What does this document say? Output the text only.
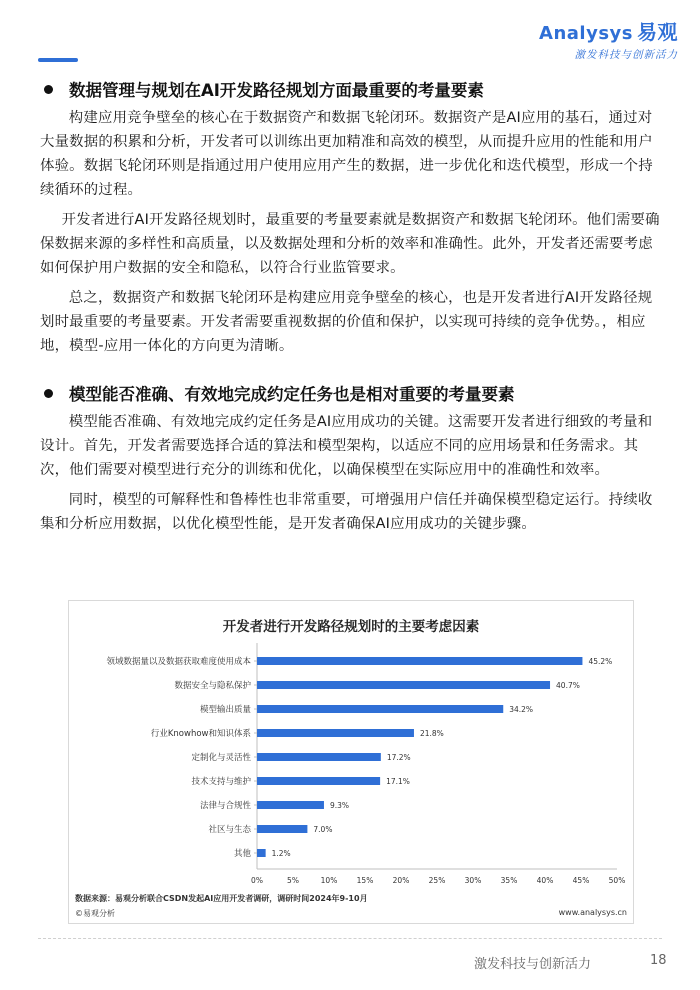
Analysys 易观
激发科技与创新活力
数据管理与规划在AI开发路径规划方面最重要的考量要素

构建应用竞争壁垒的核心在于数据资产和数据飞轮闭环。数据资产是AI应用的基石，通过对大量数据的积累和分析，开发者可以训练出更加精准和高效的模型，从而提升应用的性能和用户体验。数据飞轮闭环则是指通过用户使用应用产生的数据，进一步优化和迭代模型，形成一个持续循环的过程。

开发者进行AI开发路径规划时，最重要的考量要素就是数据资产和数据飞轮闭环。他们需要确保数据来源的多样性和高质量，以及数据处理和分析的效率和准确性。此外，开发者还需要考虑如何保护用户数据的安全和隐私，以符合行业监管要求。

总之，数据资产和数据飞轮闭环是构建应用竞争壁垒的核心，也是开发者进行AI开发路径规划时最重要的考量要素。开发者需要重视数据的价值和保护，以实现可持续的竞争优势。，相应地，模型-应用一体化的方向更为清晰。

模型能否准确、有效地完成约定任务也是相对重要的考量要素

模型能否准确、有效地完成约定任务是AI应用成功的关键。这需要开发者进行细致的考量和设计。首先，开发者需要选择合适的算法和模型架构，以适应不同的应用场景和任务需求。其次，他们需要对模型进行充分的训练和优化，以确保模型在实际应用中的准确性和效率。

同时，模型的可解释性和鲁棒性也非常重要，可增强用户信任并确保模型稳定运行。持续收集和分析应用数据，以优化模型性能，是开发者确保AI应用成功的关键步骤。

开发者进行开发路径规划时的主要考虑因素
领域数据量以及数据获取难度使用成本	45.2%
数据安全与隐私保护	40.7%
模型输出质量	34.2%
行业Knowhow和知识体系	21.8%
定制化与灵活性	17.2%
技术支持与维护	17.1%
法律与合规性	9.3%
社区与生态	7.0%
其他	1.2%
0%	5%	10%	15%	20%	25%	30%	35%	40%	45%	50%
数据来源：易观分析联合CSDN发起AI应用开发者调研，调研时间2024年9-10月
©易观分析	www.analysys.cn
激发科技与创新活力	18
